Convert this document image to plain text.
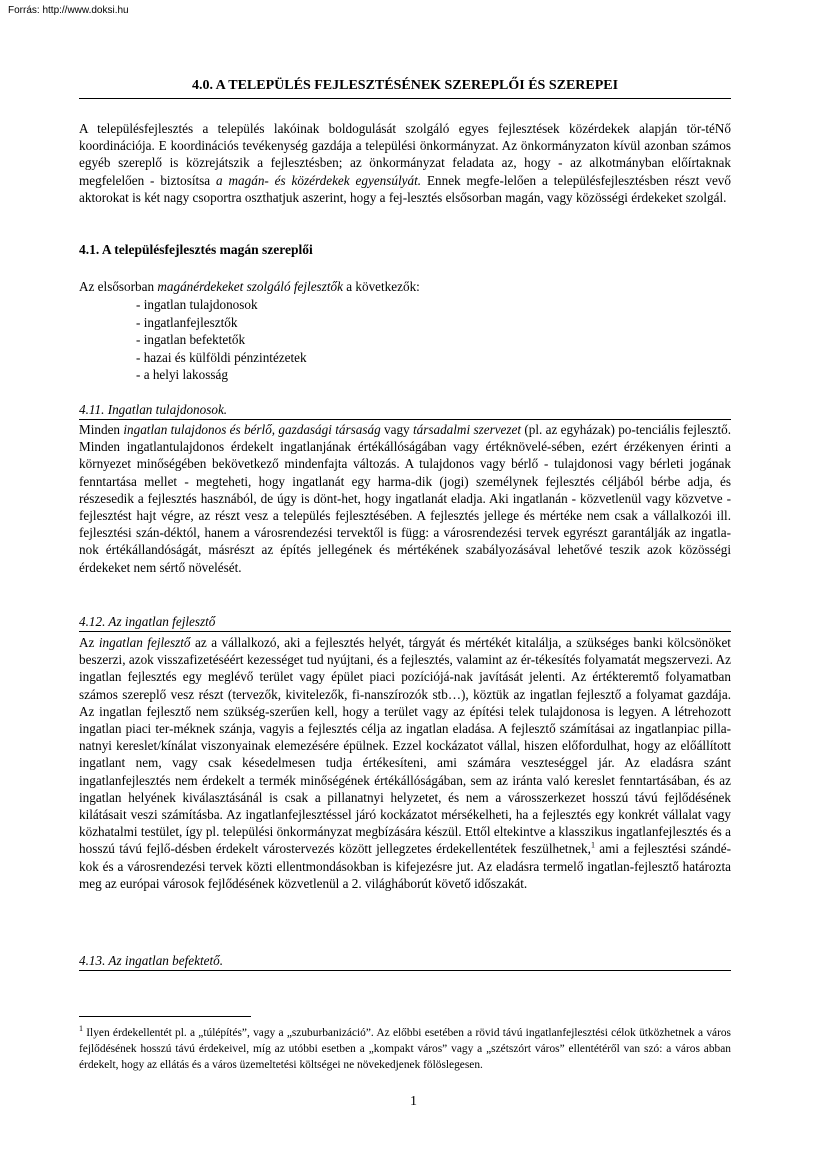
Forrás: http://www.doksi.hu
4.0. A TELEPÜLÉS FEJLESZTÉSÉNEK SZEREPLŐI ÉS SZEREPEI

A településfejlesztés a település lakóinak boldogulását szolgáló egyes fejlesztések közérdekek alapján tör-téNő koordinációja. E koordinációs tevékenység gazdája a települési önkormányzat. Az önkormányzaton kívül azonban számos egyéb szereplő is közrejátszik a fejlesztésben; az önkormányzat feladata az, hogy - az alkotmányban előírtaknak megfelelően - biztosítsa a magán- és közérdekek egyensúlyát. Ennek megfe-lelően a településfejlesztésben részt vevő aktorokat is két nagy csoportra oszthatjuk aszerint, hogy a fej-lesztés elsősorban magán, vagy közösségi érdekeket szolgál.

4.1. A településfejlesztés magán szereplői
Az elsősorban magánérdekeket szolgáló fejlesztők a következők:
- ingatlan tulajdonosok
- ingatlanfejlesztők
- ingatlan befektetők
- hazai és külföldi pénzintézetek
- a helyi lakosság
4.11. Ingatlan tulajdonosok.

Minden ingatlan tulajdonos és bérlő, gazdasági társaság vagy társadalmi szervezet (pl. az egyházak) po-tenciális fejlesztő. Minden ingatlantulajdonos érdekelt ingatlanjának értékállóságában vagy értéknövelé-sében, ezért érzékenyen érinti a környezet minőségében bekövetkező mindenfajta változás. A tulajdonos vagy bérlő - tulajdonosi vagy bérleti jogának fenntartása mellet - megteheti, hogy ingatlanát egy harma-dik (jogi) személynek fejlesztés céljából bérbe adja, és részesedik a fejlesztés hasznából, de úgy is dönt-het, hogy ingatlanát eladja. Aki ingatlanán - közvetlenül vagy közvetve - fejlesztést hajt végre, az részt vesz a település fejlesztésében. A fejlesztés jellege és mértéke nem csak a vállalkozói ill. fejlesztési szán-déktól, hanem a városrendezési tervektől is függ: a városrendezési tervek egyrészt garantálják az ingatla-nok értékállandóságát, másrészt az építés jellegének és mértékének szabályozásával lehetővé teszik azok közösségi érdekeket nem sértő növelését.

4.12. Az ingatlan fejlesztő

Az ingatlan fejlesztő az a vállalkozó, aki a fejlesztés helyét, tárgyát és mértékét kitalálja, a szükséges banki kölcsönöket beszerzi, azok visszafizetéséért kezességet tud nyújtani, és a fejlesztés, valamint az ér-tékesítés folyamatát megszervezi. Az ingatlan fejlesztés egy meglévő terület vagy épület piaci pozíciójá-nak javítását jelenti. Az értékteremtő folyamatban számos szereplő vesz részt (tervezők, kivitelezők, fi-nanszírozók stb…), köztük az ingatlan fejlesztő a folyamat gazdája. Az ingatlan fejlesztő nem szükség-szerűen kell, hogy a terület vagy az építési telek tulajdonosa is legyen. A létrehozott ingatlan piaci ter-méknek szánja, vagyis a fejlesztés célja az ingatlan eladása. A fejlesztő számításai az ingatlanpiac pilla-natnyi kereslet/kínálat viszonyainak elemezésére épülnek. Ezzel kockázatot vállal, hiszen előfordulhat, hogy az előállított ingatlant nem, vagy csak késedelmesen tudja értékesíteni, ami számára veszteséggel jár. Az eladásra szánt ingatlanfejlesztés nem érdekelt a termék minőségének értékállóságában, sem az iránta való kereslet fenntartásában, és az ingatlan helyének kiválasztásánál is csak a pillanatnyi helyzetet, és nem a városszerkezet hosszú távú fejlődésének kilátásait veszi számításba. Az ingatlanfejlesztéssel járó kockázatot mérsékelheti, ha a fejlesztés egy konkrét vállalat vagy közhatalmi testület, így pl. települési önkormányzat megbízására készül. Ettől eltekintve a klasszikus ingatlanfejlesztés és a hosszú távú fejlő-désben érdekelt várostervezés között jellegzetes érdekellentétek feszülhetnek,$^1$ ami a fejlesztési szándé-kok és a városrendezési tervek közti ellentmondásokban is kifejezésre jut. Az eladásra termelő ingatlan-fejlesztő határozta meg az európai városok fejlődésének közvetlenül a 2. világháborút követő időszakát.

4.13. Az ingatlan befektető.
$^1$ Ilyen érdekellentét pl. a „túlépítés”, vagy a „szuburbanizáció”. Az előbbi esetében a rövid távú ingatlanfejlesztési célok ütközhetnek a város fejlődésének hosszú távú érdekeivel, míg az utóbbi esetben a „kompakt város” vagy a „szétszórt város” ellentétéről van szó: a város abban érdekelt, hogy az ellátás és a város üzemeltetési költségei ne növekedjenek fölöslegesen.
1
